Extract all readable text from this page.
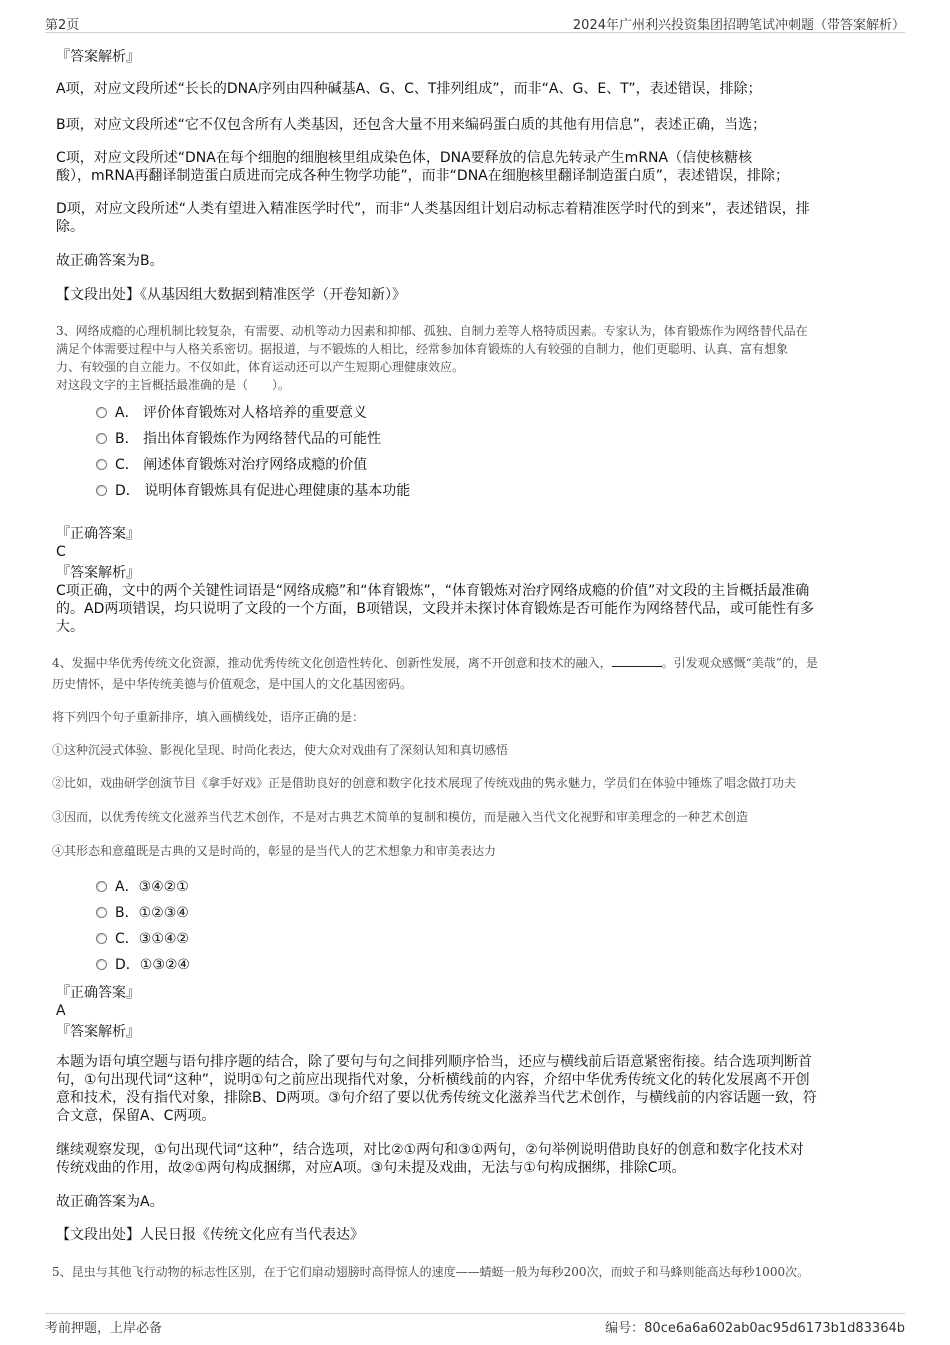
第2页	2024年广州利兴投资集团招聘笔试冲刺题（带答案解析）

『答案解析』

A项，对应文段所述“长长的DNA序列由四种碱基A、G、C、T排列组成”，而非“A、G、E、T”，表述错误，排除；

B项，对应文段所述“它不仅包含所有人类基因，还包含大量不用来编码蛋白质的其他有用信息”，表述正确，当选；

C项，对应文段所述“DNA在每个细胞的细胞核里组成染色体，DNA要释放的信息先转录产生mRNA（信使核糖核

酸），mRNA再翻译制造蛋白质进而完成各种生物学功能”，而非“DNA在细胞核里翻译制造蛋白质”，表述错误，排除；

D项，对应文段所述“人类有望进入精准医学时代”，而非“人类基因组计划启动标志着精准医学时代的到来”，表述错误，排

除。

故正确答案为B。

【文段出处】《从基因组大数据到精准医学（开卷知新）》

3、网络成瘾的心理机制比较复杂，有需要、动机等动力因素和抑郁、孤独、自制力差等人格特质因素。专家认为，体育锻炼作为网络替代品在

满足个体需要过程中与人格关系密切。据报道，与不锻炼的人相比，经常参加体育锻炼的人有较强的自制力，他们更聪明、认真、富有想象

力、有较强的自立能力。不仅如此，体育运动还可以产生短期心理健康效应。

对这段文字的主旨概括最准确的是（　　）。

A． 评价体育锻炼对人格培养的重要意义
B． 指出体育锻炼作为网络替代品的可能性
C． 阐述体育锻炼对治疗网络成瘾的价值
D． 说明体育锻炼具有促进心理健康的基本功能

『正确答案』

C

『答案解析』

C项正确，文中的两个关键性词语是“网络成瘾”和“体育锻炼”，“体育锻炼对治疗网络成瘾的价值”对文段的主旨概括最准确

的。AD两项错误，均只说明了文段的一个方面，B项错误，文段并未探讨体育锻炼是否可能作为网络替代品，或可能性有多

大。

4、发掘中华优秀传统文化资源，推动优秀传统文化创造性转化、创新性发展，离不开创意和技术的融入，	。引发观众感慨“美哉”的，是

历史情怀，是中华传统美德与价值观念，是中国人的文化基因密码。

将下列四个句子重新排序，填入画横线处，语序正确的是：

①这种沉浸式体验、影视化呈现、时尚化表达，使大众对戏曲有了深刻认知和真切感悟

②比如，戏曲研学创演节目《拿手好戏》正是借助良好的创意和数字化技术展现了传统戏曲的隽永魅力，学员们在体验中锤炼了唱念做打功夫

③因而，以优秀传统文化滋养当代艺术创作，不是对古典艺术简单的复制和模仿，而是融入当代文化视野和审美理念的一种艺术创造

④其形态和意蕴既是古典的又是时尚的，彰显的是当代人的艺术想象力和审美表达力

A．③④②①
B．①②③④
C．③①④②
D．①③②④

『正确答案』

A

『答案解析』

本题为语句填空题与语句排序题的结合，除了要句与句之间排列顺序恰当，还应与横线前后语意紧密衔接。结合选项判断首

句，①句出现代词“这种”，说明①句之前应出现指代对象，分析横线前的内容，介绍中华优秀传统文化的转化发展离不开创

意和技术，没有指代对象，排除B、D两项。③句介绍了要以优秀传统文化滋养当代艺术创作，与横线前的内容话题一致，符

合文意，保留A、C两项。

继续观察发现，①句出现代词“这种”，结合选项，对比②①两句和③①两句，②句举例说明借助良好的创意和数字化技术对

传统戏曲的作用，故②①两句构成捆绑，对应A项。③句未提及戏曲，无法与①句构成捆绑，排除C项。

故正确答案为A。

【文段出处】人民日报《传统文化应有当代表达》

5、昆虫与其他飞行动物的标志性区别，在于它们扇动翅膀时高得惊人的速度——蜻蜓一般为每秒200次，而蚊子和马蜂则能高达每秒1000次。

考前押题，上岸必备	编号：80ce6a6a602ab0ac95d6173b1d83364b
